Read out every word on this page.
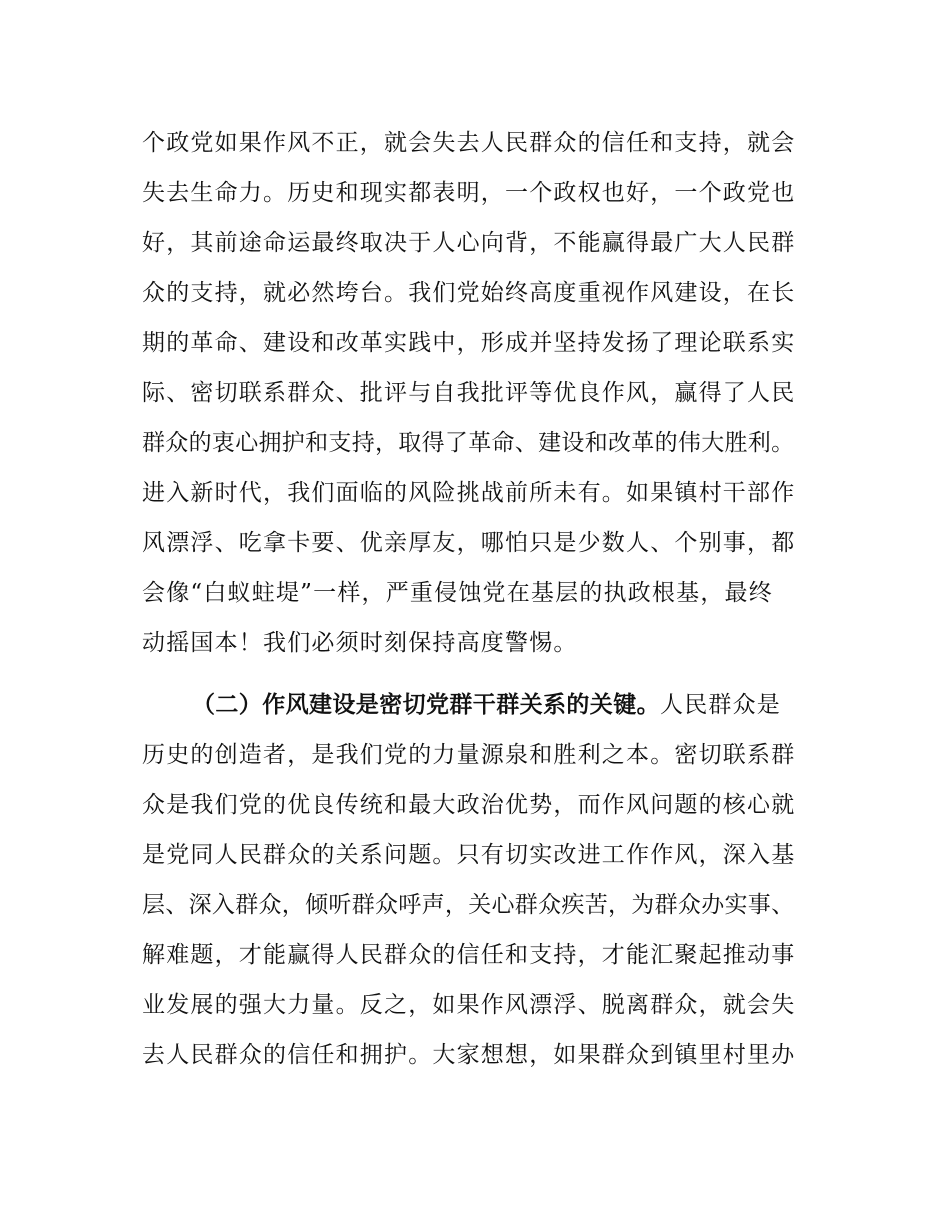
个政党如果作风不正，就会失去人民群众的信任和支持，就会
失去生命力。历史和现实都表明，一个政权也好，一个政党也
好，其前途命运最终取决于人心向背，不能赢得最广大人民群
众的支持，就必然垮台。我们党始终高度重视作风建设，在长
期的革命、建设和改革实践中，形成并坚持发扬了理论联系实
际、密切联系群众、批评与自我批评等优良作风，赢得了人民
群众的衷心拥护和支持，取得了革命、建设和改革的伟大胜利。
进入新时代，我们面临的风险挑战前所未有。如果镇村干部作
风漂浮、吃拿卡要、优亲厚友，哪怕只是少数人、个别事，都
会像“白蚁蛀堤”一样，严重侵蚀党在基层的执政根基，最终
动摇国本！我们必须时刻保持高度警惕。
（二）作风建设是密切党群干群关系的关键。人民群众是
历史的创造者，是我们党的力量源泉和胜利之本。密切联系群
众是我们党的优良传统和最大政治优势，而作风问题的核心就
是党同人民群众的关系问题。只有切实改进工作作风，深入基
层、深入群众，倾听群众呼声，关心群众疾苦，为群众办实事、
解难题，才能赢得人民群众的信任和支持，才能汇聚起推动事
业发展的强大力量。反之，如果作风漂浮、脱离群众，就会失
去人民群众的信任和拥护。大家想想，如果群众到镇里村里办
